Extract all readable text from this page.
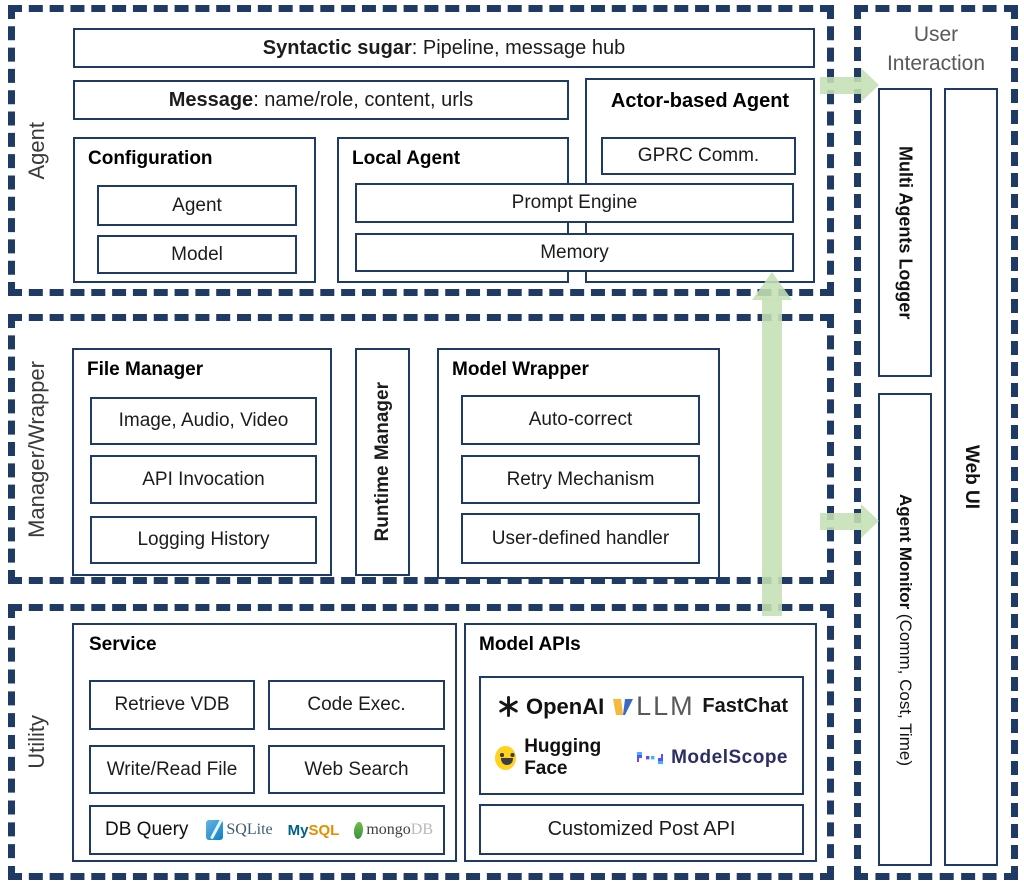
Agent
Manager/Wrapper
Utility
Syntactic sugar : Pipeline, message hub
Message : name/role, content, urls	Actor-based Agent
GPRC Comm.
Configuration
Agent
Model
Local Agent
Prompt Engine
Memory
File Manager
Image, Audio, Video
API Invocation
Logging History	Runtime Manager
Model Wrapper
Auto-correct
Retry Mechanism
User-defined handler
Service
Retrieve VDB	Code Exec.
Write/Read File	Web Search
DB Query SQLite My SQL mongo DB
Model APIs
OpenAI LLM FastChat
Hugging Face
ModelScope
Customized Post API
User
Interaction
Multi Agents Logger
Agent Monitor (Comm, Cost, Time)
Web UI
